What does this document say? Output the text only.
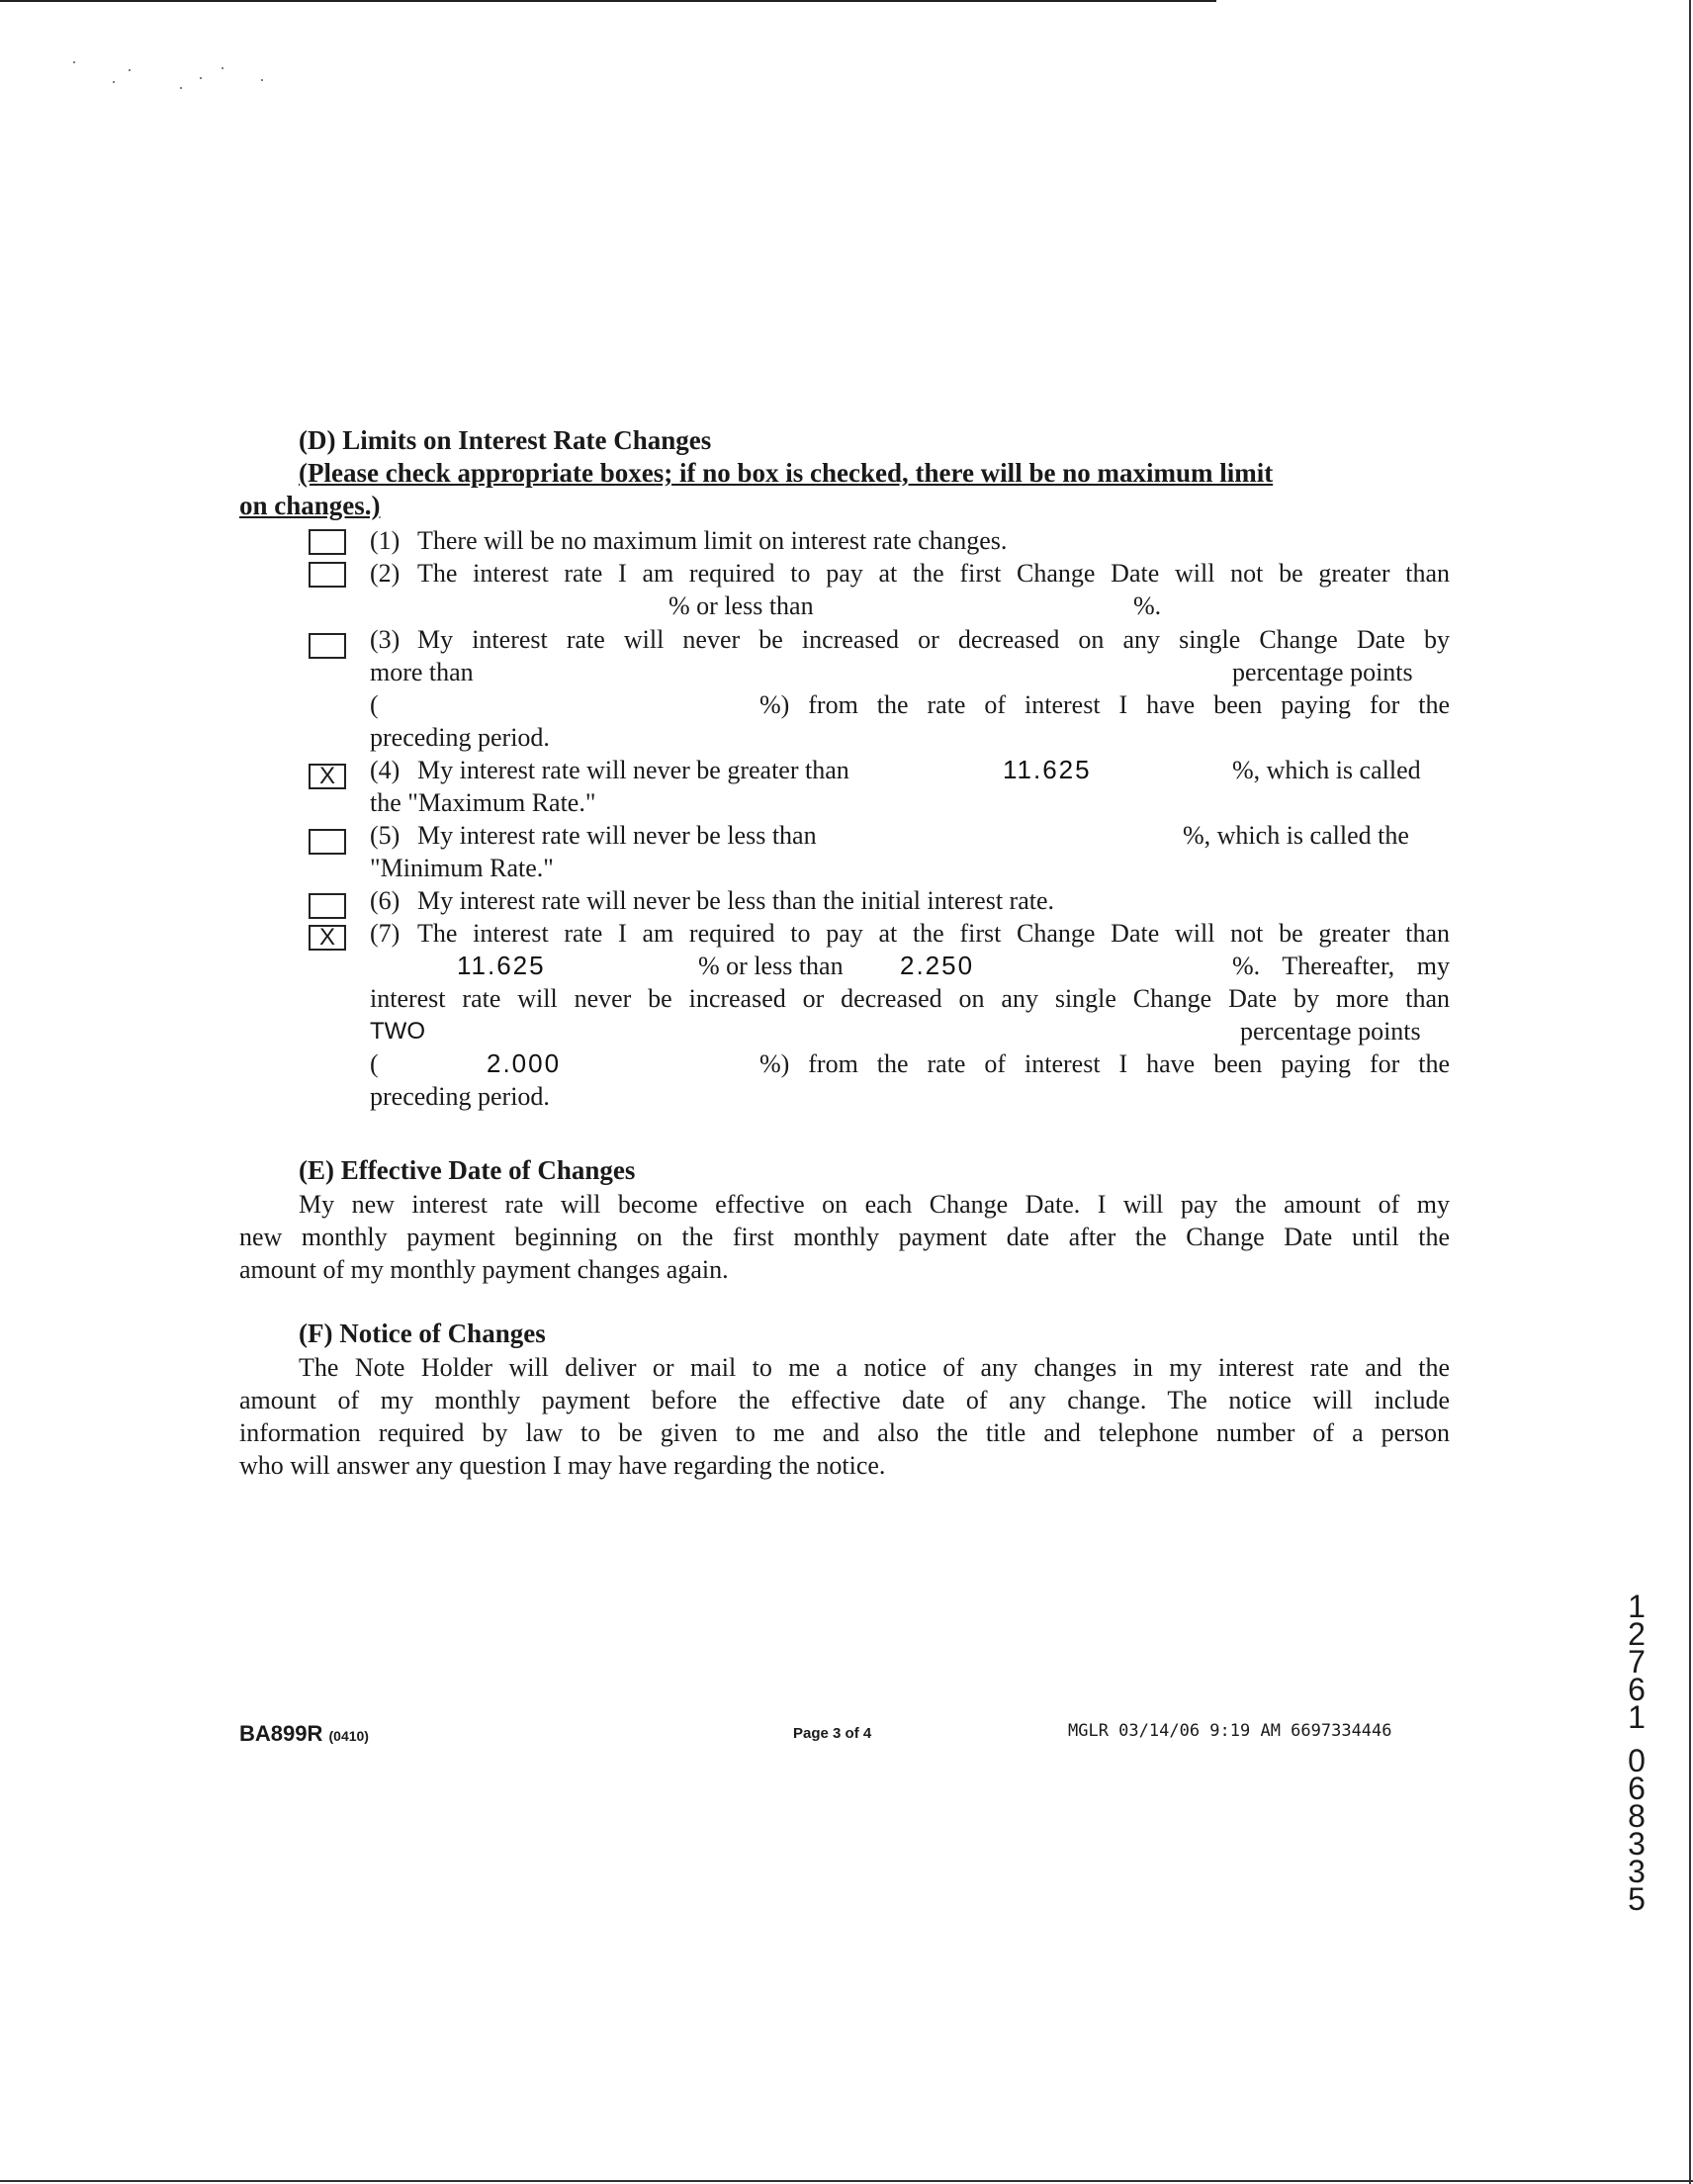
(D) Limits on Interest Rate Changes
(Please check appropriate boxes; if no box is checked, there will be no maximum limit
on changes.)
(1) There will be no maximum limit on interest rate changes.
(2) The interest rate I am required to pay at the first Change Date will not be greater than
% or less than	%.
(3) My interest rate will never be increased or decreased on any single Change Date by
more than	percentage points
(	%) from the rate of interest I have been paying for the
preceding period.
X	(4) My interest rate will never be greater than	11.625	%, which is called
the "Maximum Rate."
(5) My interest rate will never be less than	%, which is called the
"Minimum Rate."
(6) My interest rate will never be less than the initial interest rate.
X	(7) The interest rate I am required to pay at the first Change Date will not be greater than
11.625	% or less than 2.250	%. Thereafter, my
interest rate will never be increased or decreased on any single Change Date by more than
TWO	percentage points
(	2.000	%) from the rate of interest I have been paying for the
preceding period.
(E) Effective Date of Changes
My new interest rate will become effective on each Change Date. I will pay the amount of my
new monthly payment beginning on the first monthly payment date after the Change Date until the
amount of my monthly payment changes again.
(F) Notice of Changes
The Note Holder will deliver or mail to me a notice of any changes in my interest rate and the
amount of my monthly payment before the effective date of any change. The notice will include
information required by law to be given to me and also the title and telephone number of a person
who will answer any question I may have regarding the notice.
BA899R (0410)	Page 3 of 4	MGLR 03/14/06 9:19 AM 6697334446
1
2
7
6
1
0
6
8
3
3
5
